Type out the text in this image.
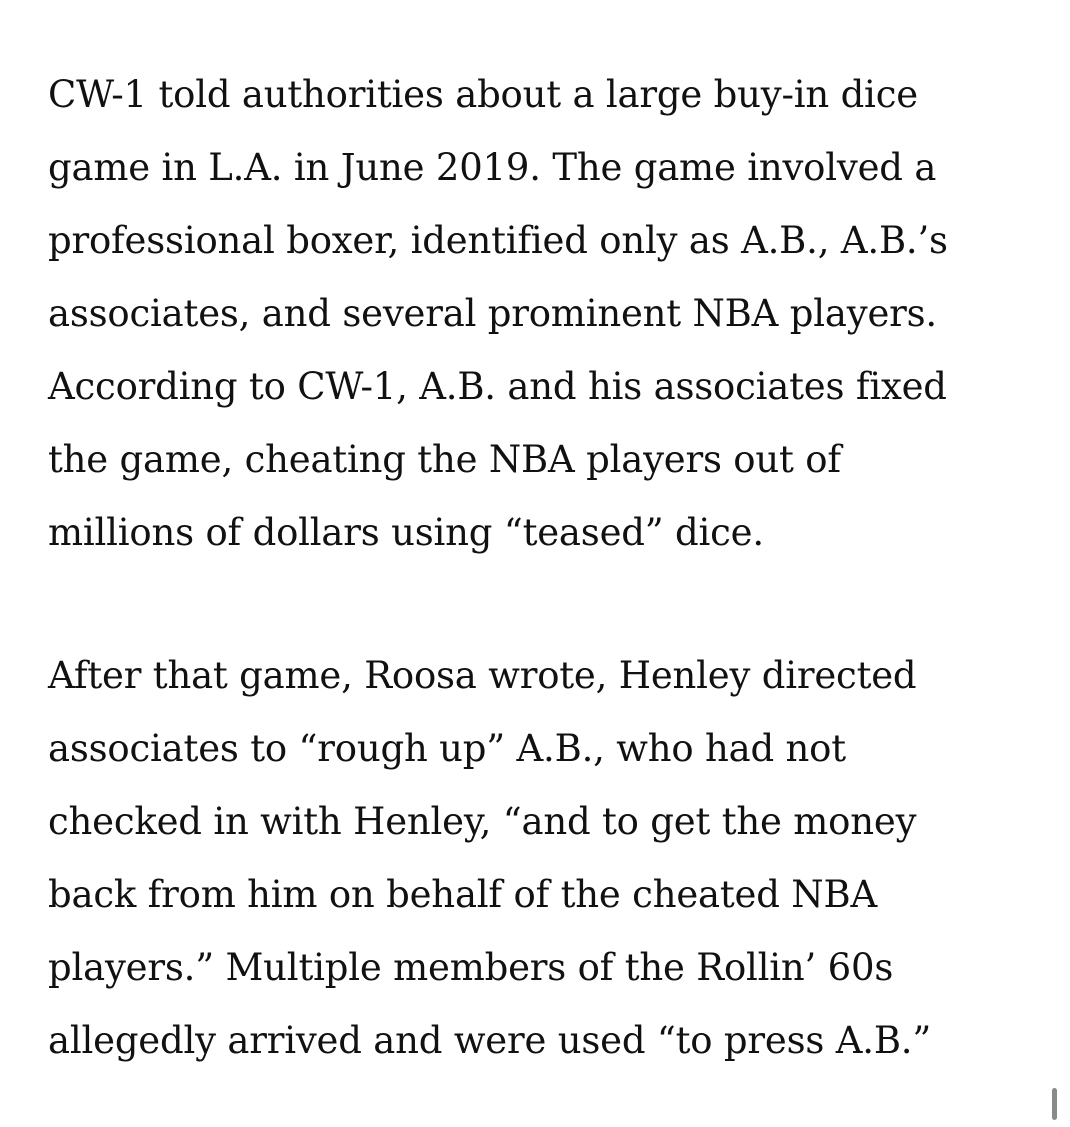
CW-1 told authorities about a large buy-in dice
game in L.A. in June 2019. The game involved a
professional boxer, identified only as A.B., A.B.’s
associates, and several prominent NBA players.
According to CW-1, A.B. and his associates fixed
the game, cheating the NBA players out of
millions of dollars using “teased” dice.

After that game, Roosa wrote, Henley directed
associates to “rough up” A.B., who had not
checked in with Henley, “and to get the money
back from him on behalf of the cheated NBA
players.” Multiple members of the Rollin’ 60s
allegedly arrived and were used “to press A.B.”
